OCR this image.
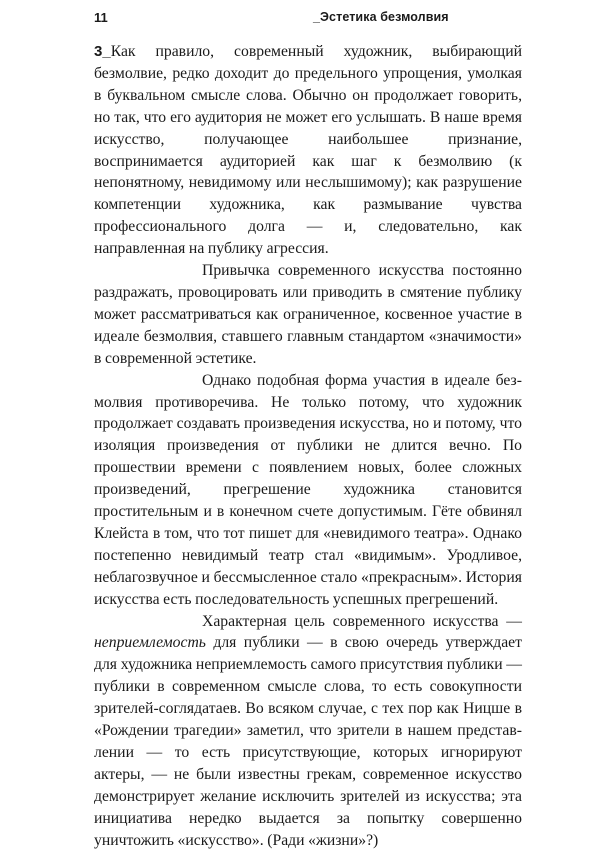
11	_Эстетика безмолвия

3_Как правило, современный художник, выбирающий безмолвие, редко доходит до предельного упрощения, умолкая в буквальном смысле слова. Обычно он продолжает говорить, но так, что его аудитория не может его услышать. В наше время искусство, получающее наибольшее признание, воспринимается аудиторией как шаг к безмолвию (к непонятному, невидимому или неслышимому); как разрушение компетенции художника, как размывание чувства профессионального долга — и, следовательно, как направленная на публику агрессия.

Привычка современного искусства постоянно раздражать, провоцировать или приводить в смятение публику может рассматриваться как ограниченное, косвенное участие в идеале безмолвия, ставшего главным стандартом «значимости» в современной эстетике.

Однако подобная форма участия в идеале безмолвия противоречива. Не только потому, что художник продолжает создавать произведения искусства, но и потому, что изоляция произведения от публики не длится вечно. По прошествии времени с появлением новых, более сложных произведений, прегрешение художника становится простительным и в конечном счете допустимым. Гёте обвинял Клейста в том, что тот пишет для «невидимого театра». Однако постепенно невидимый театр стал «видимым». Уродливое, неблагозвучное и бессмысленное стало «прекрасным». История искусства есть последовательность успешных прегрешений.

Характерная цель современного искусства — неприемлемость для публики — в свою очередь утверждает для художника неприемлемость самого присутствия публики — публики в современном смысле слова, то есть совокупности зрителей-соглядатаев. Во всяком случае, с тех пор как Ницше в «Рождении трагедии» заметил, что зрители в нашем представлении — то есть присутствующие, которых игнорируют актеры, — не были известны грекам, современное искусство демонстрирует желание исключить зрителей из искусства; эта инициатива нередко выдается за попытку совершенно уничтожить «искусство». (Ради «жизни»?)
